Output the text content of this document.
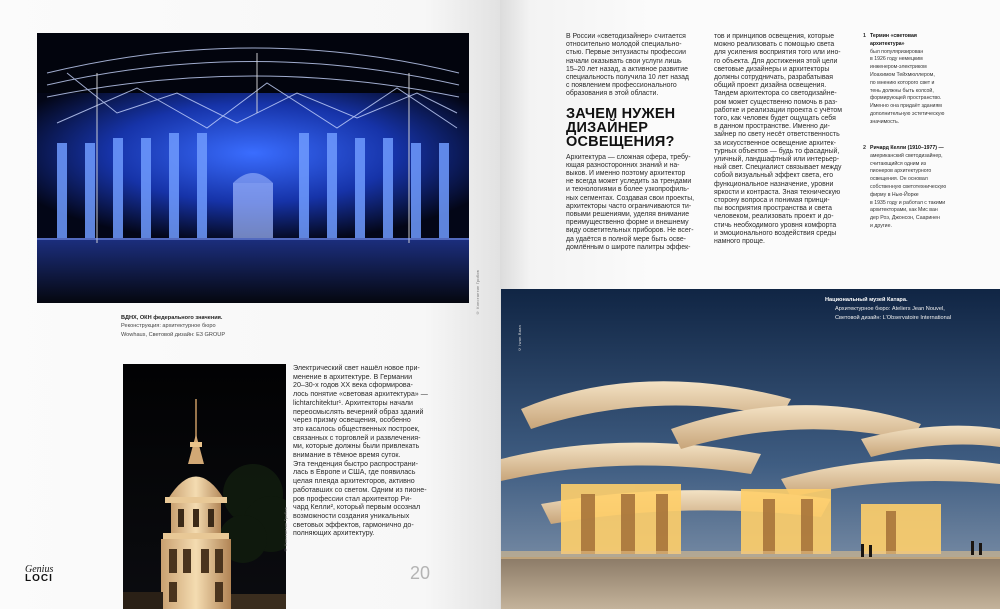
© Константин Грибов
ВДНХ, ОКН федерального значения.
Реконструкция: архитектурное бюро
Wowhaus, Световой дизайн: E3 GROUP
© Константин Грибов
Электрический свет нашёл новое при-
менение в архитектуре. В Германии
20–30-х годов XX века сформирова-
лось понятие «световая архитектура» —
lichtarchitektur¹. Архитекторы начали
переосмыслять вечерний образ зданий
через призму освещения, особенно
это касалось общественных построек,
связанных с торговлей и развлечения-
ми, которые должны были привлекать
внимание в тёмное время суток.
Эта тенденция быстро распространи-
лась в Европе и США, где появилась
целая плеяда архитекторов, активно
работавших со светом. Одним из пионе-
ров профессии стал архитектор Ри-
чард Келли², который первым осознал
возможности создания уникальных
световых эффектов, гармонично до-
полняющих архитектуру.
20
Genius
LOCI
В России «светодизайнер» считается
относительно молодой специально-
стью. Первые энтузиасты профессии
начали оказывать свои услуги лишь
15–20 лет назад, а активное развитие
специальность получила 10 лет назад
с появлением профессионального
образования в этой области.
ЗАЧЕМ НУЖЕН
ДИЗАЙНЕР
ОСВЕЩЕНИЯ?
Архитектура — сложная сфера, требу-
ющая разносторонних знаний и на-
выков. И именно поэтому архитектор
не всегда может уследить за трендами
и технологиями в более узкопрофиль-
ных сегментах. Создавая свои проекты,
архитекторы часто ограничиваются ти-
повыми решениями, уделяя внимание
преимущественно форме и внешнему
виду осветительных приборов. Не всег-
да удаётся в полной мере быть осве-
домлённым о широте палитры эффек-
тов и принципов освещения, которые
можно реализовать с помощью света
для усиления восприятия того или ино-
го объекта. Для достижения этой цели
световые дизайнеры и архитекторы
должны сотрудничать, разрабатывая
общий проект дизайна освещения.
Тандем архитектора со светодизайне-
ром может существенно помочь в раз-
работке и реализации проекта с учётом
того, как человек будет ощущать себя
в данном пространстве. Именно ди-
зайнер по свету несёт ответственность
за искусственное освещение архитек-
турных объектов — будь то фасадный,
уличный, ландшафтный или интерьер-
ный свет. Специалист связывает между
собой визуальный эффект света, его
функциональное назначение, уровни
яркости и контраста. Зная техническую
сторону вопроса и понимая принци-
пы восприятия пространства и света
человеком, реализовать проект и до-
стичь необходимого уровня комфорта
и эмоционального воздействия среды
намного проще.
1 Термин «световая
архитектура»
был популяризирован
в 1926 году немецким
инженером-электриком
Иоахимом Тейхмюллером,
по мнению которого свет и
тень должны быть колсой,
формирующей пространство.
Именно она придаёт зданиям
дополнительную эстетическую
значимость.
2 Ричард Келли (1910–1977) —
американский светодизайнер,
считающийся одним из
пионеров архитектурного
освещения. Он основал
собственную светотехническую
фирму в Нью-Йорке
в 1935 году и работал с такими
архитекторами, как Мис ван
дер Роэ, Джонсон, Сааринен
и другие.
© Iwan Baan
Национальный музей Катара.
Архитектурное бюро: Ateliers Jean Nouvel,
Световой дизайн: L'Observatoire International
